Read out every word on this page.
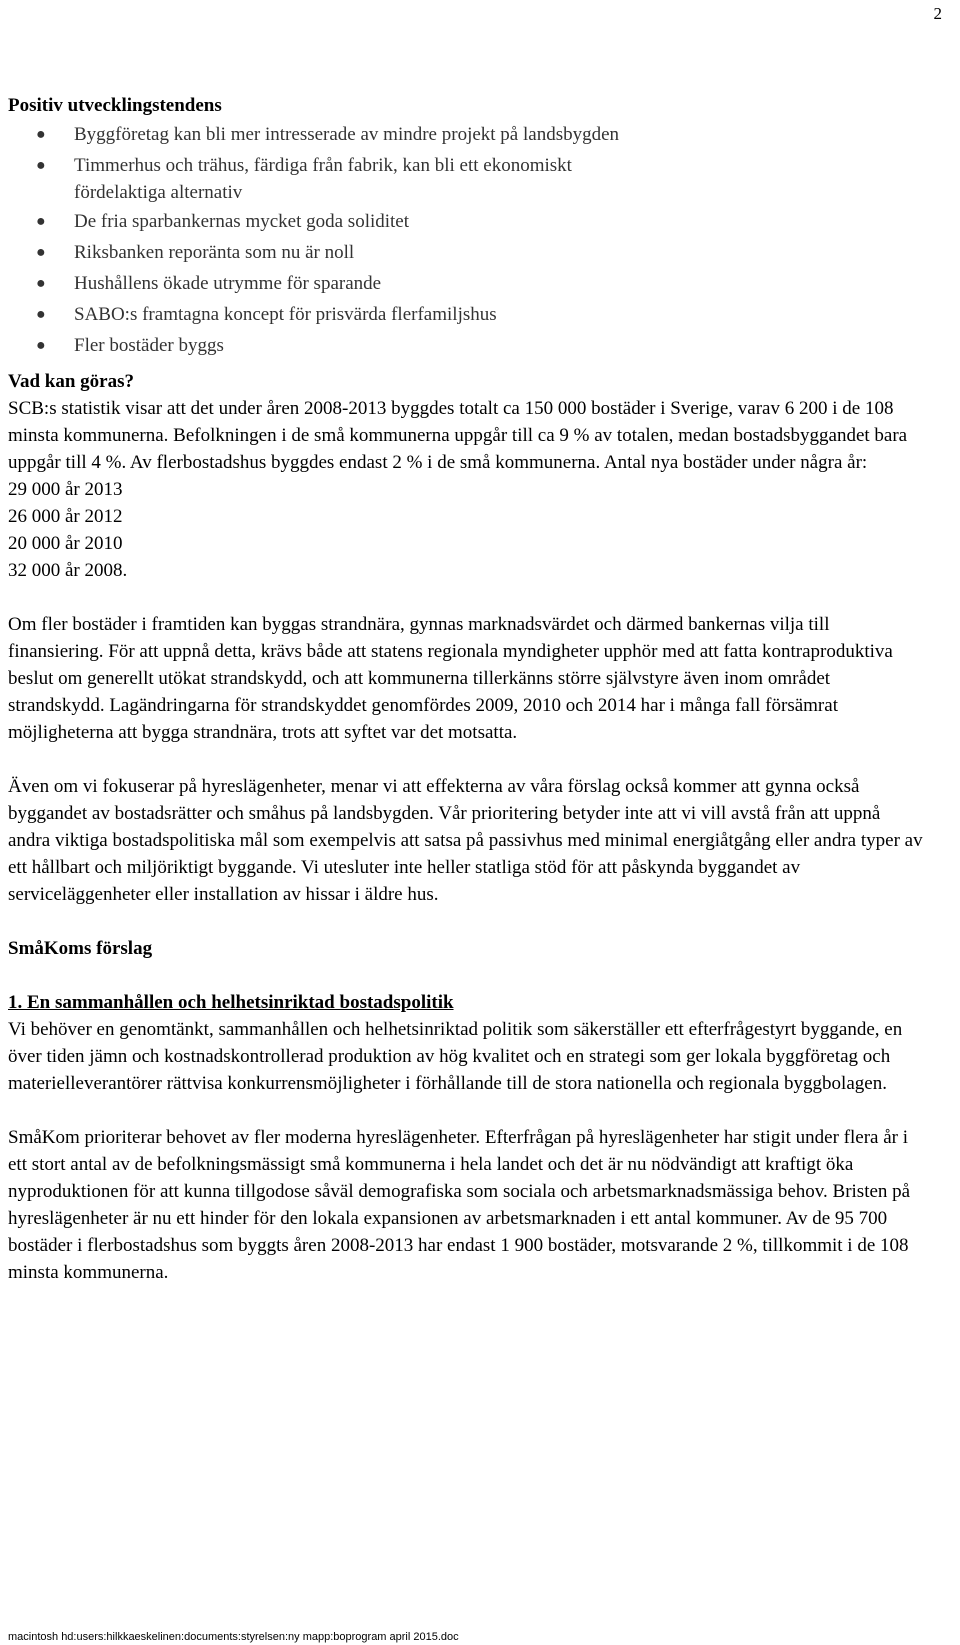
2

Positiv utvecklingstendens

● Byggföretag kan bli mer intresserade av mindre projekt på landsbygden
● Timmerhus och trähus, färdiga från fabrik, kan bli ett ekonomiskt
fördelaktiga alternativ
● De fria sparbankernas mycket goda soliditet
● Riksbanken reporänta som nu är noll
● Hushållens ökade utrymme för sparande
● SABO:s framtagna koncept för prisvärda flerfamiljshus
● Fler bostäder byggs

Vad kan göras?

SCB:s statistik visar att det under åren 2008-2013 byggdes totalt ca 150 000 bostäder i Sverige, varav 6 200 i de 108 minsta kommunerna. Befolkningen i de små kommunerna uppgår till ca 9 % av totalen, medan bostadsbyggandet bara uppgår till 4 %. Av flerbostadshus byggdes endast 2 % i de små kommunerna. Antal nya bostäder under några år:

29 000 år 2013
26 000 år 2012
20 000 år 2010
32 000 år 2008.

Om fler bostäder i framtiden kan byggas strandnära, gynnas marknadsvärdet och därmed bankernas vilja till finansiering. För att uppnå detta, krävs både att statens regionala myndigheter upphör med att fatta kontraproduktiva beslut om generellt utökat strandskydd, och att kommunerna tillerkänns större självstyre även inom området strandskydd. Lagändringarna för strandskyddet genomfördes 2009, 2010 och 2014 har i många fall försämrat möjligheterna att bygga strandnära, trots att syftet var det motsatta.

Även om vi fokuserar på hyreslägenheter, menar vi att effekterna av våra förslag också kommer att gynna också byggandet av bostadsrätter och småhus på landsbygden. Vår prioritering betyder inte att vi vill avstå från att uppnå andra viktiga bostadspolitiska mål som exempelvis att satsa på passivhus med minimal energiåtgång eller andra typer av ett hållbart och miljöriktigt byggande. Vi utesluter inte heller statliga stöd för att påskynda byggandet av serviceläggenheter eller installation av hissar i äldre hus.

SmåKoms förslag

1. En sammanhållen och helhetsinriktad bostadspolitik

Vi behöver en genomtänkt, sammanhållen och helhetsinriktad politik som säkerställer ett efterfrågestyrt byggande, en över tiden jämn och kostnadskontrollerad produktion av hög kvalitet och en strategi som ger lokala byggföretag och materielleverantörer rättvisa konkurrensmöjligheter i förhållande till de stora nationella och regionala byggbolagen.

SmåKom prioriterar behovet av fler moderna hyreslägenheter. Efterfrågan på hyreslägenheter har stigit under flera år i ett stort antal av de befolkningsmässigt små kommunerna i hela landet och det är nu nödvändigt att kraftigt öka nyproduktionen för att kunna tillgodose såväl demografiska som sociala och arbetsmarknadsmässiga behov. Bristen på hyreslägenheter är nu ett hinder för den lokala expansionen av arbetsmarknaden i ett antal kommuner. Av de 95 700 bostäder i flerbostadshus som byggts åren 2008-2013 har endast 1 900 bostäder, motsvarande 2 %, tillkommit i de 108 minsta kommunerna.

macintosh hd:users:hilkkaeskelinen:documents:styrelsen:ny mapp:boprogram april 2015.doc
